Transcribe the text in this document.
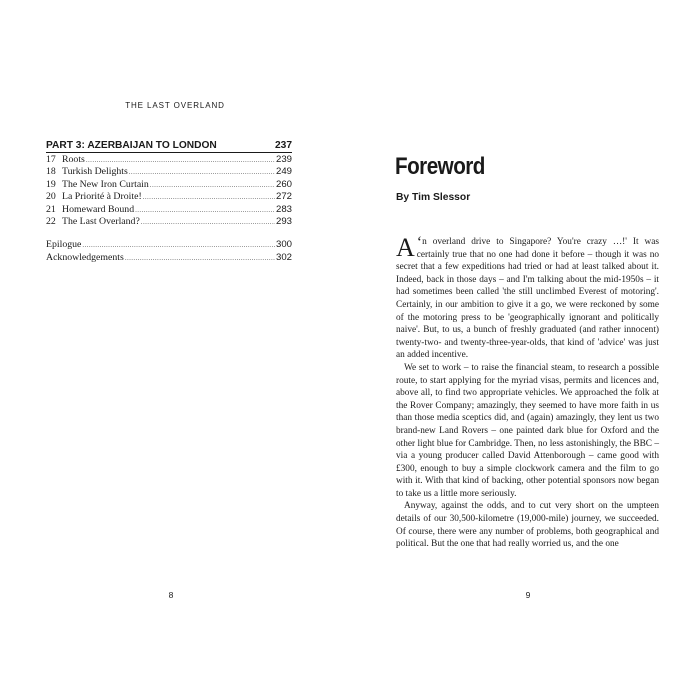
THE LAST OVERLAND
PART 3: AZERBAIJAN TO LONDON	237
17 Roots .....	239
18 Turkish Delights .....	249
19 The New Iron Curtain .....	260
20 La Priorité à Droite! .....	272
21 Homeward Bound .....	283
22 The Last Overland? .....	293
Epilogue .....	300
Acknowledgements .....	302
8
Foreword
By Tim Slessor

‘
A n overland drive to Singapore? You're crazy …!' It was certainly true that no one had done it before – though it was no secret that a few expeditions had tried or had at least talked about it. Indeed, back in those days – and I'm talking about the mid-1950s – it had sometimes been called 'the still unclimbed Everest of motoring'. Certainly, in our ambition to give it a go, we were reckoned by some of the motoring press to be 'geographically ignorant and politically naive'. But, to us, a bunch of freshly graduated (and rather innocent) twenty-two- and twenty-three-year-olds, that kind of 'advice' was just an added incentive.

We set to work – to raise the financial steam, to research a possible route, to start applying for the myriad visas, permits and licences and, above all, to find two appropriate vehicles. We approached the folk at the Rover Company; amazingly, they seemed to have more faith in us than those media sceptics did, and (again) amazingly, they lent us two brand-new Land Rovers – one painted dark blue for Oxford and the other light blue for Cambridge. Then, no less astonishingly, the BBC – via a young producer called David Attenborough – came good with £300, enough to buy a simple clockwork camera and the film to go with it. With that kind of backing, other potential sponsors now began to take us a little more seriously.

Anyway, against the odds, and to cut very short on the umpteen details of our 30,500-kilometre (19,000-mile) journey, we succeeded. Of course, there were any number of problems, both geographical and political. But the one that had really worried us, and the one

9
